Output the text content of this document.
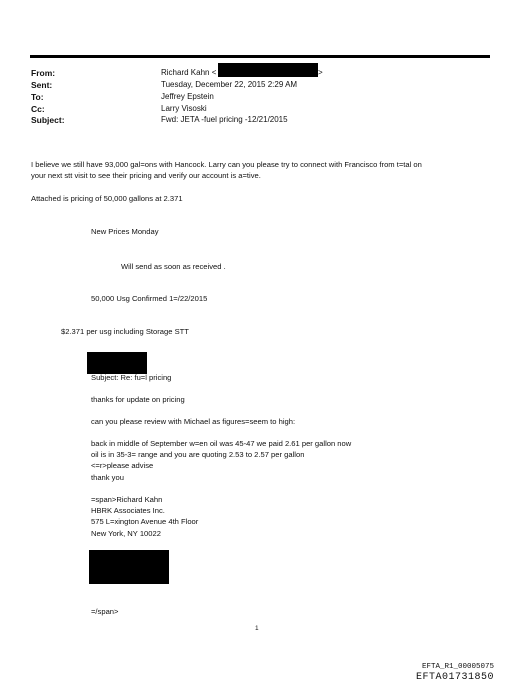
From:
Sent:
To:
Cc:
Subject:
Richard Kahn <	>
Tuesday, December 22, 2015 2:29 AM
Jeffrey Epstein
Larry Visoski
Fwd: JETA -fuel pricing -12/21/2015
I believe we still have 93,000 gal=ons with Hancock. Larry can you please try to connect with Francisco from t=tal on
your next stt visit to see their pricing and verify our account is a=tive.
Attached is pricing of 50,000 gallons at 2.371
New Prices Monday
Will send as soon as received .
50,000 Usg Confirmed 1=/22/2015
$2.371 per usg including Storage STT
Subject: Re: fu=l pricing
thanks for update on pricing
can you please review with Michael as figures=seem to high:
back in middle of September w=en oil was 45-47 we paid 2.61 per gallon now
oil is in 35-3= range and you are quoting 2.53 to 2.57 per gallon
<=r>please advise
thank you
=span>Richard Kahn
HBRK Associates Inc.
575 L=xington Avenue 4th Floor
New York, NY 10022
=/span>
1
EFTA_R1_00005075
EFTA01731850
